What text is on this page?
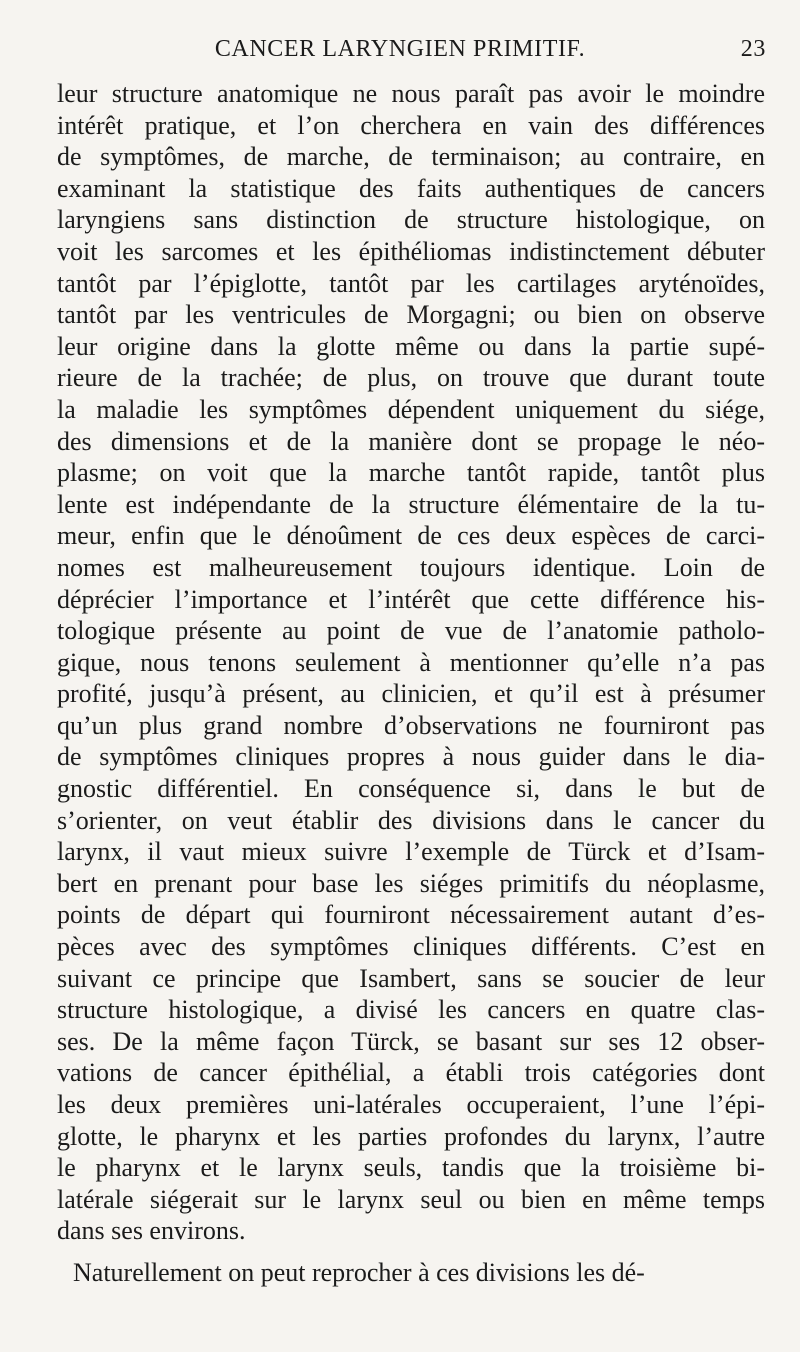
CANCER LARYNGIEN PRIMITIF.	23
leur structure anatomique ne nous paraît pas avoir le moindre
intérêt pratique, et l’on cherchera en vain des différences
de symptômes, de marche, de terminaison; au contraire, en
examinant la statistique des faits authentiques de cancers
laryngiens sans distinction de structure histologique, on
voit les sarcomes et les épithéliomas indistinctement débuter
tantôt par l’épiglotte, tantôt par les cartilages aryténoïdes,
tantôt par les ventricules de Morgagni; ou bien on observe
leur origine dans la glotte même ou dans la partie supé-
rieure de la trachée; de plus, on trouve que durant toute
la maladie les symptômes dépendent uniquement du siége,
des dimensions et de la manière dont se propage le néo-
plasme; on voit que la marche tantôt rapide, tantôt plus
lente est indépendante de la structure élémentaire de la tu-
meur, enfin que le dénoûment de ces deux espèces de carci-
nomes est malheureusement toujours identique. Loin de
déprécier l’importance et l’intérêt que cette différence his-
tologique présente au point de vue de l’anatomie patholo-
gique, nous tenons seulement à mentionner qu’elle n’a pas
profité, jusqu’à présent, au clinicien, et qu’il est à présumer
qu’un plus grand nombre d’observations ne fourniront pas
de symptômes cliniques propres à nous guider dans le dia-
gnostic différentiel. En conséquence si, dans le but de
s’orienter, on veut établir des divisions dans le cancer du
larynx, il vaut mieux suivre l’exemple de Türck et d’Isam-
bert en prenant pour base les siéges primitifs du néoplasme,
points de départ qui fourniront nécessairement autant d’es-
pèces avec des symptômes cliniques différents. C’est en
suivant ce principe que Isambert, sans se soucier de leur
structure histologique, a divisé les cancers en quatre clas-
ses. De la même façon Türck, se basant sur ses 12 obser-
vations de cancer épithélial, a établi trois catégories dont
les deux premières uni-latérales occuperaient, l’une l’épi-
glotte, le pharynx et les parties profondes du larynx, l’autre
le pharynx et le larynx seuls, tandis que la troisième bi-
latérale siégerait sur le larynx seul ou bien en même temps
dans ses environs.
Naturellement on peut reprocher à ces divisions les dé-
